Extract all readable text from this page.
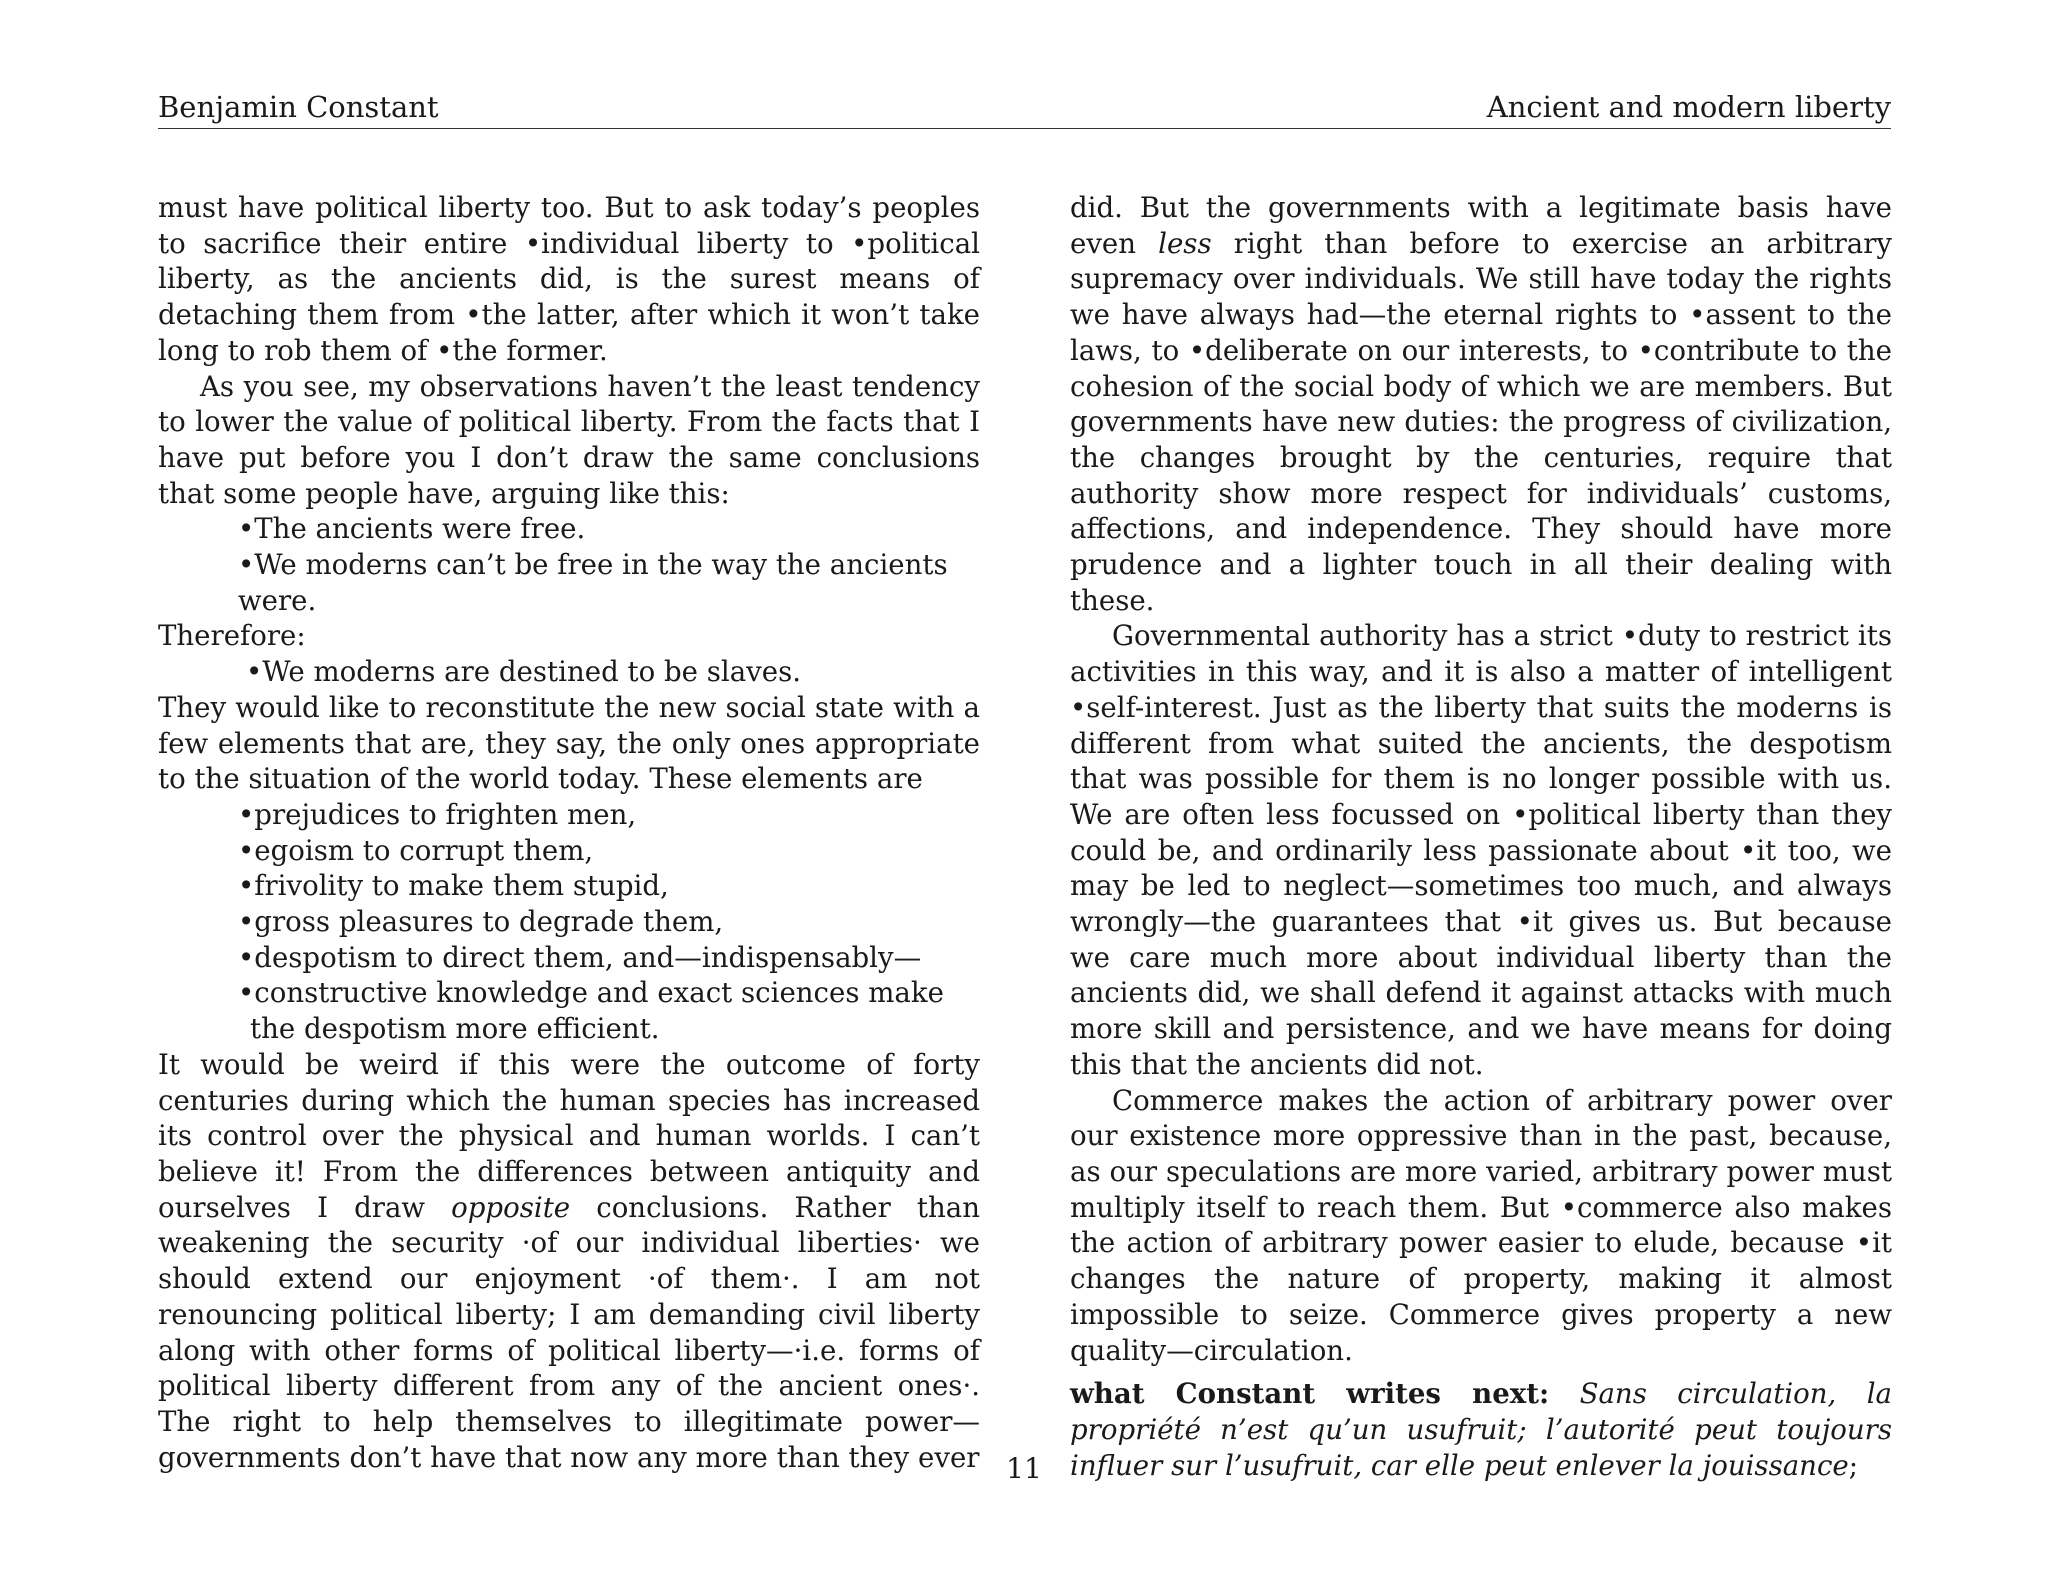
Benjamin Constant	Ancient and modern liberty

must have political liberty too. But to ask today’s peoples to sacrifice their entire •individual liberty to •political liberty, as the ancients did, is the surest means of detaching them from •the latter, after which it won’t take long to rob them of •the former.

As you see, my observations haven’t the least tendency to lower the value of political liberty. From the facts that I have put before you I don’t draw the same conclusions that some people have, arguing like this:

•The ancients were free.

•We moderns can’t be free in the way the ancients were.

Therefore:

•We moderns are destined to be slaves.

They would like to reconstitute the new social state with a few elements that are, they say, the only ones appropriate to the situation of the world today. These elements are

•prejudices to frighten men,

•egoism to corrupt them,

•frivolity to make them stupid,

•gross pleasures to degrade them,

•despotism to direct them, and—indispensably—

•constructive knowledge and exact sciences make the despotism more efficient.

It would be weird if this were the outcome of forty centuries during which the human species has increased its control over the physical and human worlds. I can’t believe it! From the differences between antiquity and ourselves I draw opposite conclusions. Rather than weakening the security ·of our individual liberties· we should extend our enjoyment ·of them·. I am not renouncing political liberty; I am demanding civil liberty along with other forms of political liberty—·i.e. forms of political liberty different from any of the ancient ones·. The right to help themselves to illegitimate power—governments don’t have that now any more than they ever

did. But the governments with a legitimate basis have even less right than before to exercise an arbitrary supremacy over individuals. We still have today the rights we have always had—the eternal rights to •assent to the laws, to •deliberate on our interests, to •contribute to the cohesion of the social body of which we are members. But governments have new duties: the progress of civilization, the changes brought by the centuries, require that authority show more respect for individuals’ customs, affections, and independence. They should have more prudence and a lighter touch in all their dealing with these.

Governmental authority has a strict •duty to restrict its activities in this way, and it is also a matter of intelligent •self-interest. Just as the liberty that suits the moderns is different from what suited the ancients, the despotism that was possible for them is no longer possible with us. We are often less focussed on •political liberty than they could be, and ordinarily less passionate about •it too, we may be led to neglect—sometimes too much, and always wrongly—the guarantees that •it gives us. But because we care much more about individual liberty than the ancients did, we shall defend it against attacks with much more skill and persistence, and we have means for doing this that the ancients did not.

Commerce makes the action of arbitrary power over our existence more oppressive than in the past, because, as our speculations are more varied, arbitrary power must multiply itself to reach them. But •commerce also makes the action of arbitrary power easier to elude, because •it changes the nature of property, making it almost impossible to seize. Commerce gives property a new quality—circulation.

what Constant writes next: Sans circulation, la propriété n’est qu’un usufruit; l’autorité peut toujours influer sur l’usufruit, car elle peut enlever la jouissance;

11
